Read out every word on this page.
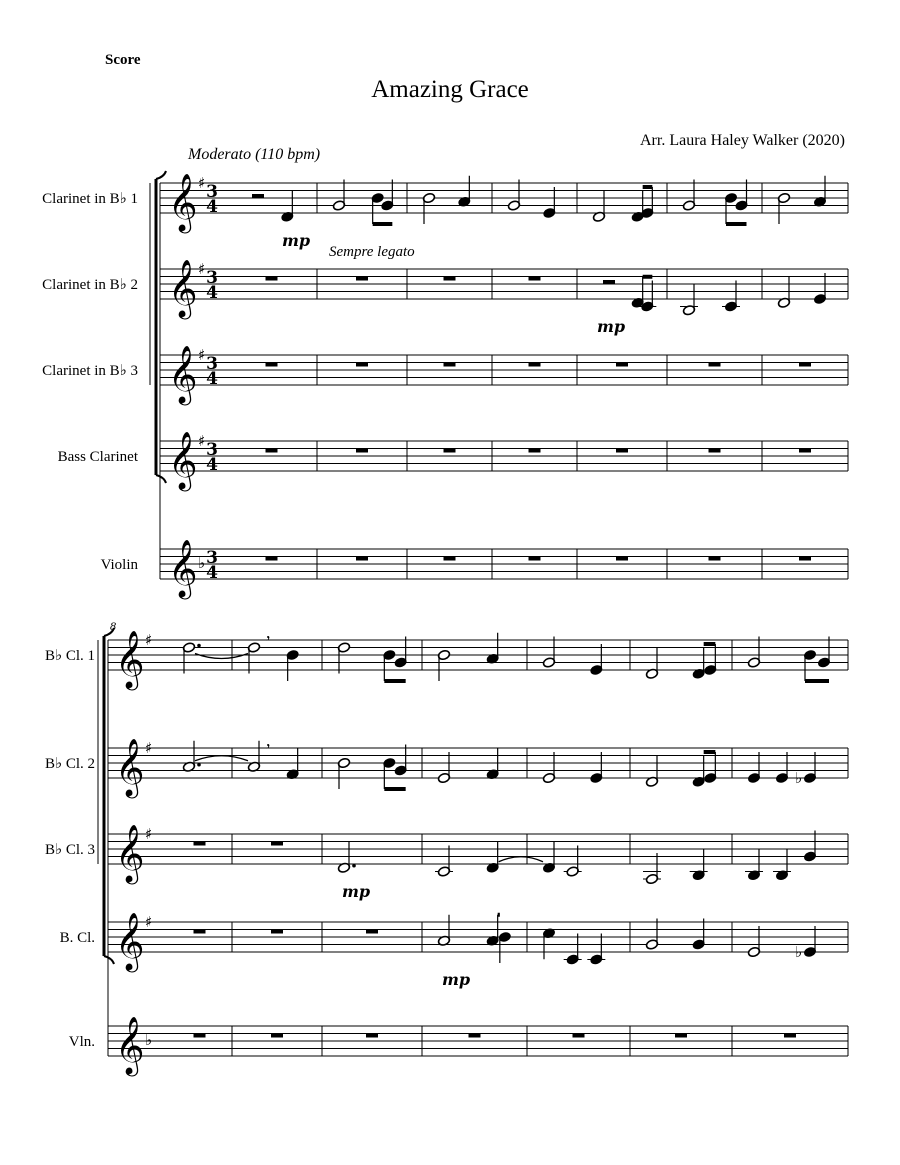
Score
Amazing Grace
Arr. Laura Haley Walker (2020)
Moderato (110 bpm)
Clarinet in B♭ 1 𝄞 ♯ 3
4
Clarinet in B♭ 2 𝄞 ♯ 3
4
Clarinet in B♭ 3 𝄞 ♯ 3
4
Bass Clarinet 𝄞 ♯ 3
4
Violin 𝄞 ♭ 3
4
mp
mp
Sempre legato
B♭ Cl. 1 𝄞 ♯	,
B♭ Cl. 2 𝄞 ♯	,
♭
B♭ Cl. 3 𝄞 ♯
B. Cl. 𝄞 ♯
♭
Vln. 𝄞 ♭
8
mp
mp
